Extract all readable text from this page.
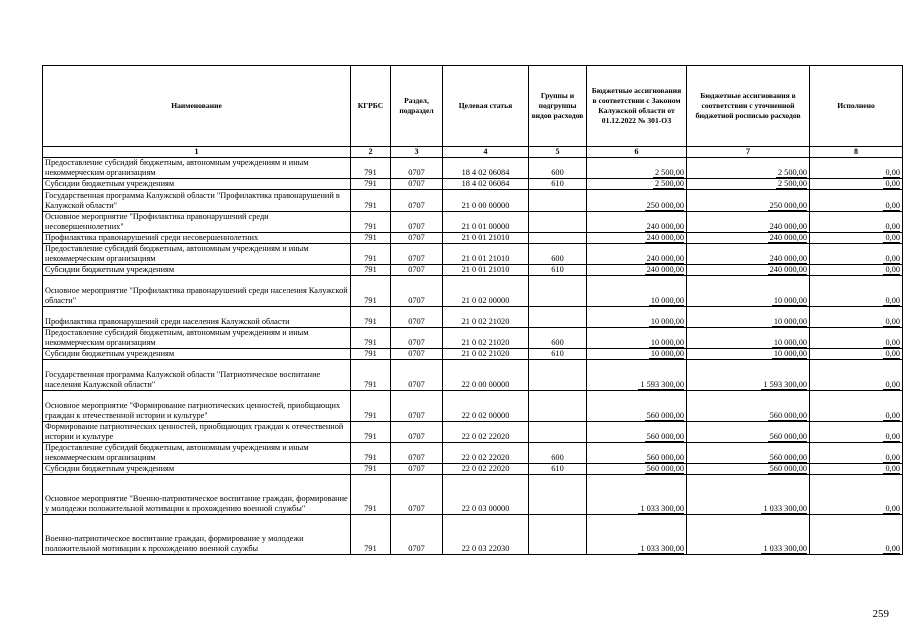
Наименование	КГРБС	Раздел, подраздел	Целевая статья	Группы и подгруппы видов расходов	Бюджетные ассигнования в соответствии с Законом Калужской области от 01.12.2022 № 301-ОЗ	Бюджетные ассигнования в соответствии с уточненной бюджетной росписью расходов	Исполнено
1	2	3	4	5	6	7	8
Предоставление субсидий бюджетным, автономным учреждениям и иным некоммерческим организациям	791	0707	18 4 02 06084	600	2 500,00	2 500,00	0,00
Субсидии бюджетным учреждениям	791	0707	18 4 02 06084	610	2 500,00	2 500,00	0,00
Государственная программа Калужской области "Профилактика правонарушений в Калужской области"	791	0707	21 0 00 00000		250 000,00	250 000,00	0,00
Основное мероприятие "Профилактика правонарушений среди несовершеннолетних"	791	0707	21 0 01 00000		240 000,00	240 000,00	0,00
Профилактика правонарушений среди несовершеннолетних	791	0707	21 0 01 21010		240 000,00	240 000,00	0,00
Предоставление субсидий бюджетным, автономным учреждениям и иным некоммерческим организациям	791	0707	21 0 01 21010	600	240 000,00	240 000,00	0,00
Субсидии бюджетным учреждениям	791	0707	21 0 01 21010	610	240 000,00	240 000,00	0,00
Основное мероприятие "Профилактика правонарушений среди населения Калужской области"	791	0707	21 0 02 00000		10 000,00	10 000,00	0,00
Профилактика правонарушений среди населения Калужской области	791	0707	21 0 02 21020		10 000,00	10 000,00	0,00
Предоставление субсидий бюджетным, автономным учреждениям и иным некоммерческим организациям	791	0707	21 0 02 21020	600	10 000,00	10 000,00	0,00
Субсидии бюджетным учреждениям	791	0707	21 0 02 21020	610	10 000,00	10 000,00	0,00
Государственная программа Калужской области "Патриотическое воспитание населения Калужской области"	791	0707	22 0 00 00000		1 593 300,00	1 593 300,00	0,00
Основное мероприятие "Формирование патриотических ценностей, приобщающих граждан к отечественной истории и культуре"	791	0707	22 0 02 00000		560 000,00	560 000,00	0,00
Формирование патриотических ценностей, приобщающих граждан к отечественной истории и культуре	791	0707	22 0 02 22020		560 000,00	560 000,00	0,00
Предоставление субсидий бюджетным, автономным учреждениям и иным некоммерческим организациям	791	0707	22 0 02 22020	600	560 000,00	560 000,00	0,00
Субсидии бюджетным учреждениям	791	0707	22 0 02 22020	610	560 000,00	560 000,00	0,00
Основное мероприятие "Военно-патриотическое воспитание граждан, формирование у молодежи положительной мотивации к прохождению военной службы"	791	0707	22 0 03 00000		1 033 300,00	1 033 300,00	0,00
Военно-патриотическое воспитание граждан, формирование у молодежи положительной мотивации к прохождению военной службы	791	0707	22 0 03 22030		1 033 300,00	1 033 300,00	0,00
259
